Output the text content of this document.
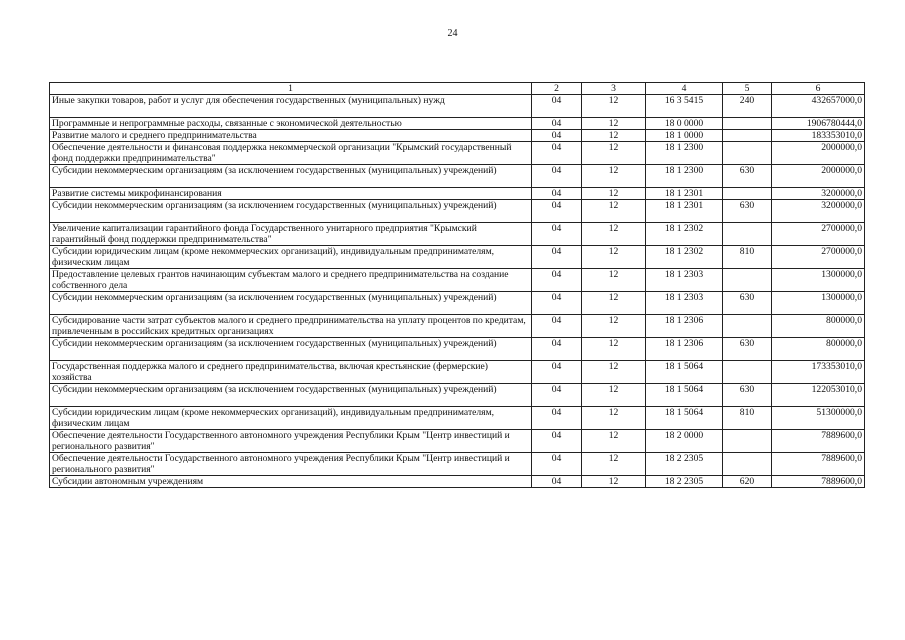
24
1	2	3	4	5	6
Иные закупки товаров, работ и услуг для обеспечения государственных (муниципальных) нужд	04	12	16 3 5415	240	432657000,0
Программные и непрограммные расходы, связанные с экономической деятельностью	04	12	18 0 0000		1906780444,0
Развитие малого и среднего предпринимательства	04	12	18 1 0000		183353010,0
Обеспечение деятельности и финансовая поддержка некоммерческой организации "Крымский государственный фонд поддержки предпринимательства"	04	12	18 1 2300		2000000,0
Субсидии некоммерческим организациям (за исключением государственных (муниципальных) учреждений)	04	12	18 1 2300	630	2000000,0
Развитие системы микрофинансирования	04	12	18 1 2301		3200000,0
Субсидии некоммерческим организациям (за исключением государственных (муниципальных) учреждений)	04	12	18 1 2301	630	3200000,0
Увеличение капитализации гарантийного фонда Государственного унитарного предприятия "Крымский гарантийный фонд поддержки предпринимательства"	04	12	18 1 2302		2700000,0
Субсидии юридическим лицам (кроме некоммерческих организаций), индивидуальным предпринимателям, физическим лицам	04	12	18 1 2302	810	2700000,0
Предоставление целевых грантов начинающим субъектам малого и среднего предпринимательства на создание собственного дела	04	12	18 1 2303		1300000,0
Субсидии некоммерческим организациям (за исключением государственных (муниципальных) учреждений)	04	12	18 1 2303	630	1300000,0
Субсидирование части затрат субъектов малого и среднего предпринимательства на уплату процентов по кредитам, привлеченным в российских кредитных организациях	04	12	18 1 2306		800000,0
Субсидии некоммерческим организациям (за исключением государственных (муниципальных) учреждений)	04	12	18 1 2306	630	800000,0
Государственная поддержка малого и среднего предпринимательства, включая крестьянские (фермерские) хозяйства	04	12	18 1 5064		173353010,0
Субсидии некоммерческим организациям (за исключением государственных (муниципальных) учреждений)	04	12	18 1 5064	630	122053010,0
Субсидии юридическим лицам (кроме некоммерческих организаций), индивидуальным предпринимателям, физическим лицам	04	12	18 1 5064	810	51300000,0
Обеспечение деятельности Государственного автономного учреждения Республики Крым "Центр инвестиций и регионального развития"	04	12	18 2 0000		7889600,0
Обеспечение деятельности Государственного автономного учреждения Республики Крым "Центр инвестиций и регионального развития"	04	12	18 2 2305		7889600,0
Субсидии автономным учреждениям	04	12	18 2 2305	620	7889600,0
